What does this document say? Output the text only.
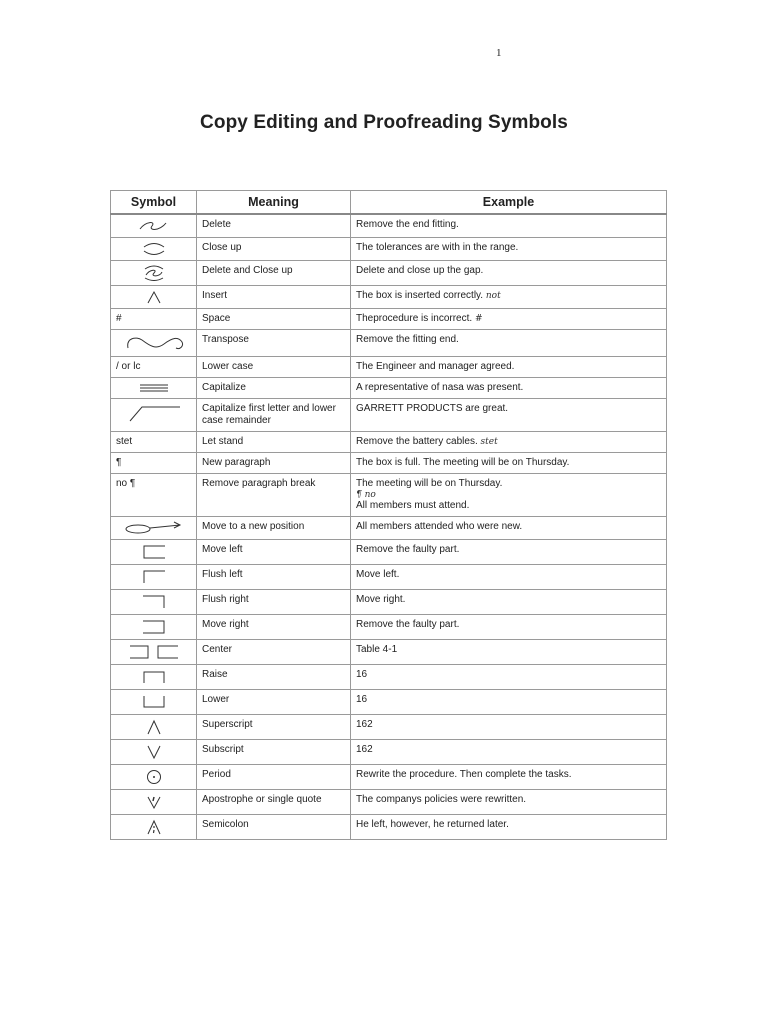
1
Copy Editing and Proofreading Symbols
Symbol	Meaning	Example

	Delete	Remove the end fitting.

	Close up	The tolerances are with in the range.

	Delete and Close up	Delete and close up the gap.

	Insert	The box is inserted correctly. not
#	Space	Theprocedure is incorrect. #

	Transpose	Remove the fitting end.
/ or lc	Lower case	The Engineer and manager agreed.

	Capitalize	A representative of nasa was present.

	Capitalize first letter and lower case remainder	GARRETT PRODUCTS are great.
stet	Let stand	Remove the battery cables. stet
¶	New paragraph	The box is full. The meeting will be on Thursday.
no ¶	Remove paragraph break	The meeting will be on Thursday.
¶ no
All members must attend.

	Move to a new position	All members attended who were new.

	Move left	Remove the faulty part.

	Flush left	Move left.

	Flush right	Move right.

	Move right	Remove the faulty part.

	Center	Table 4-1

	Raise	16

	Lower	16

	Superscript	162

	Subscript	162

	Period	Rewrite the procedure. Then complete the tasks.

	Apostrophe or single quote	The companys policies were rewritten.

	Semicolon	He left, however, he returned later.
